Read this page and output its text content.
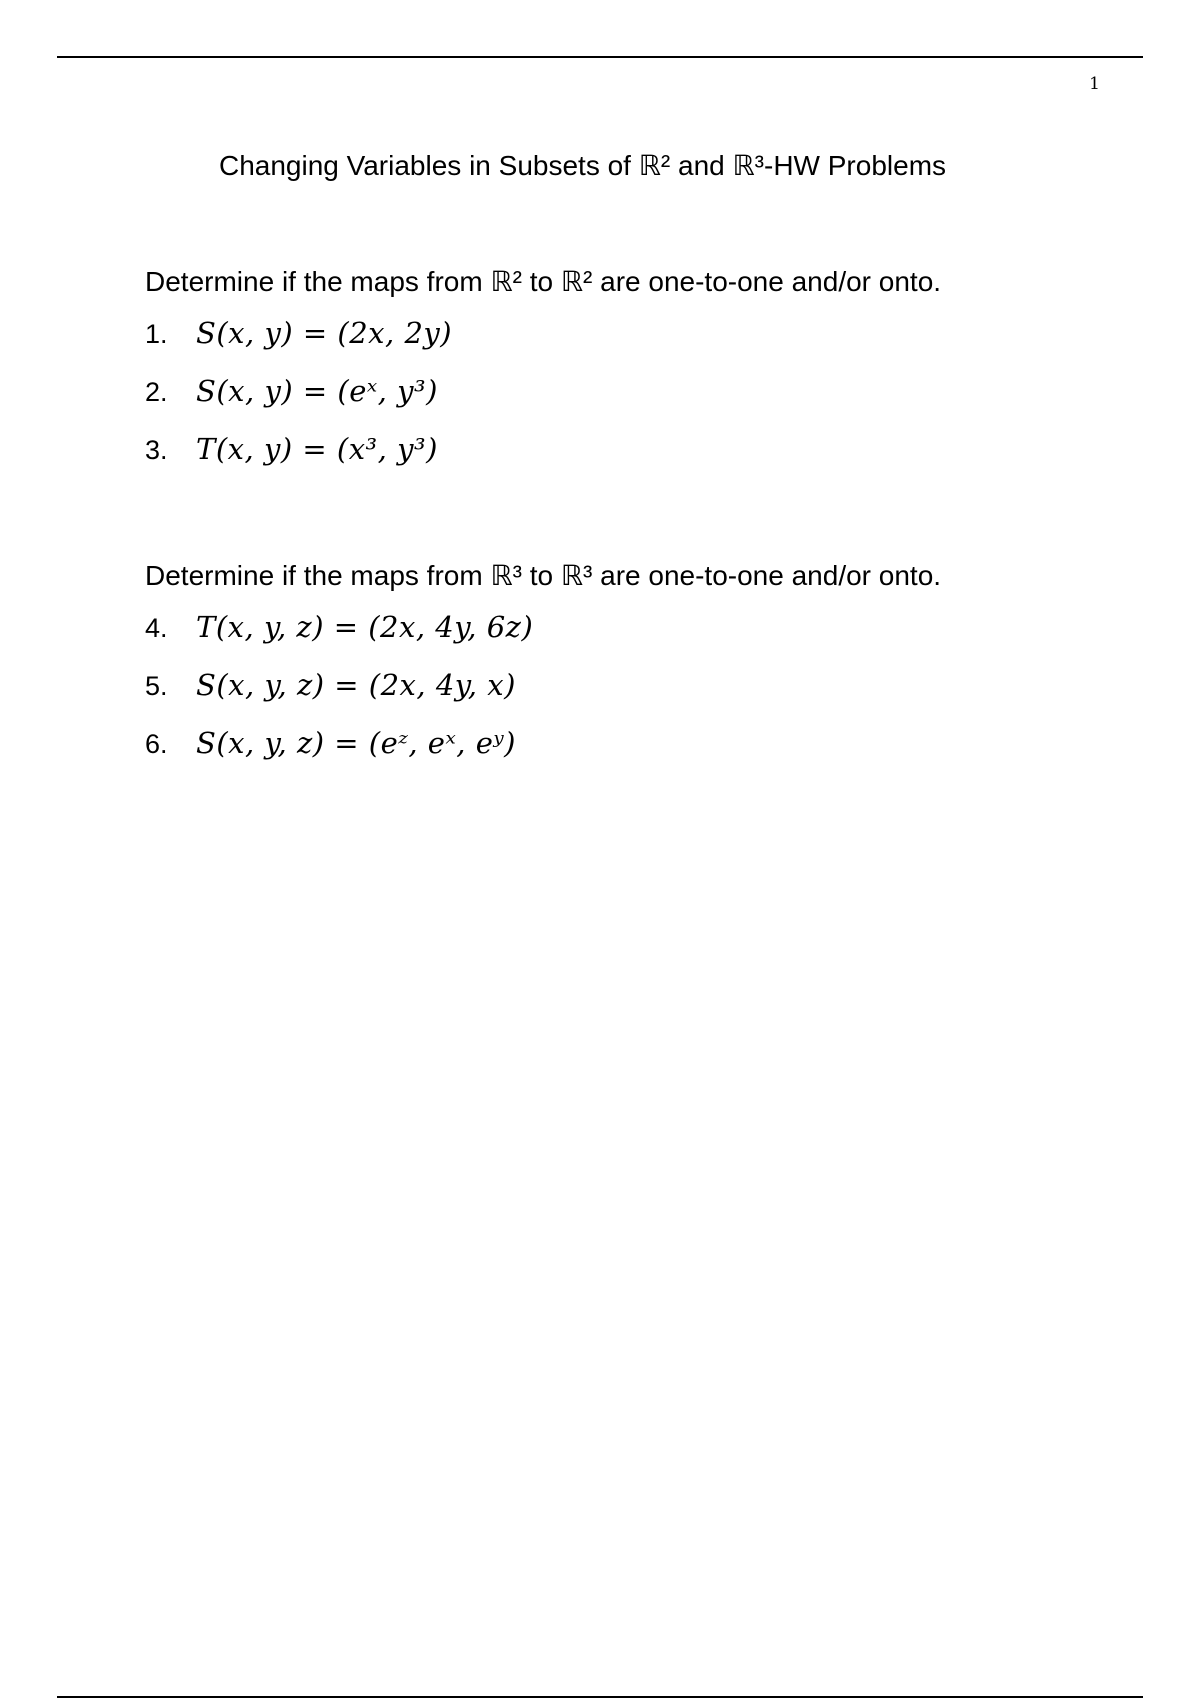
1
Changing Variables in Subsets of ℝ² and ℝ³-HW Problems

Determine if the maps from ℝ² to ℝ² are one-to-one and/or onto.

1. S(x, y) = (2x, 2y)
2. S(x, y) = (eˣ, y³)
3. T(x, y) = (x³, y³)

Determine if the maps from ℝ³ to ℝ³ are one-to-one and/or onto.

4. T(x, y, z) = (2x, 4y, 6z)
5. S(x, y, z) = (2x, 4y, x)
6. S(x, y, z) = (eᶻ, eˣ, eʸ)
